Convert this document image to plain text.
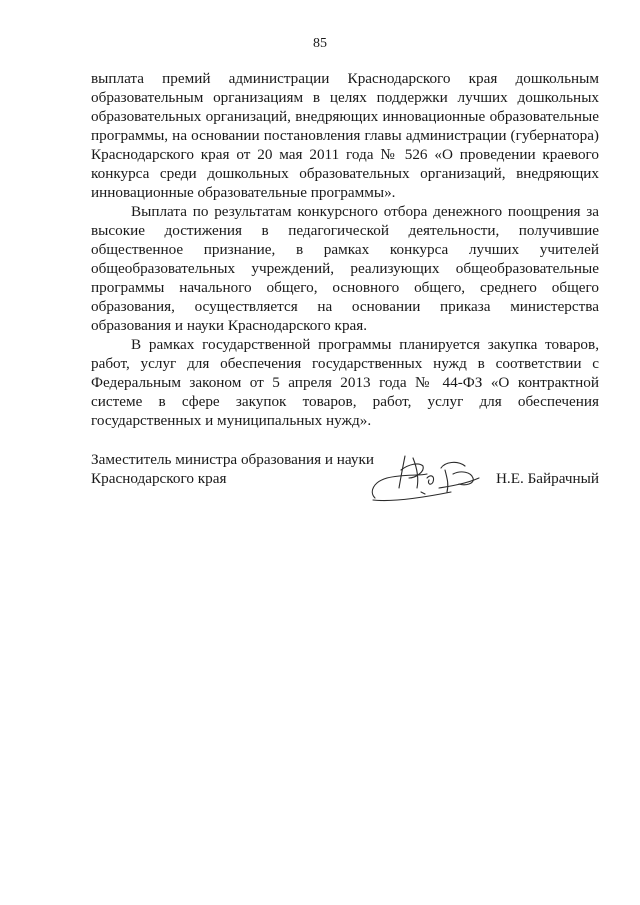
85

выплата премий администрации Краснодарского края дошкольным образовательным организациям в целях поддержки лучших дошкольных образовательных организаций, внедряющих инновационные образовательные программы, на основании постановления главы администрации (губернатора) Краснодарского края от 20 мая 2011 года № 526 «О проведении краевого конкурса среди дошкольных образовательных организаций, внедряющих инновационные образовательные программы».

Выплата по результатам конкурсного отбора денежного поощрения за высокие достижения в педагогической деятельности, получившие общественное признание, в рамках конкурса лучших учителей общеобразовательных учреждений, реализующих общеобразовательные программы начального общего, основного общего, среднего общего образования, осуществляется на основании приказа министерства образования и науки Краснодарского края.

В рамках государственной программы планируется закупка товаров, работ, услуг для обеспечения государственных нужд в соответствии с Федеральным законом от 5 апреля 2013 года № 44-ФЗ «О контрактной системе в сфере закупок товаров, работ, услуг для обеспечения государственных и муниципальных нужд».

Заместитель министра образования и науки
Краснодарского края	Н.Е. Байрачный
